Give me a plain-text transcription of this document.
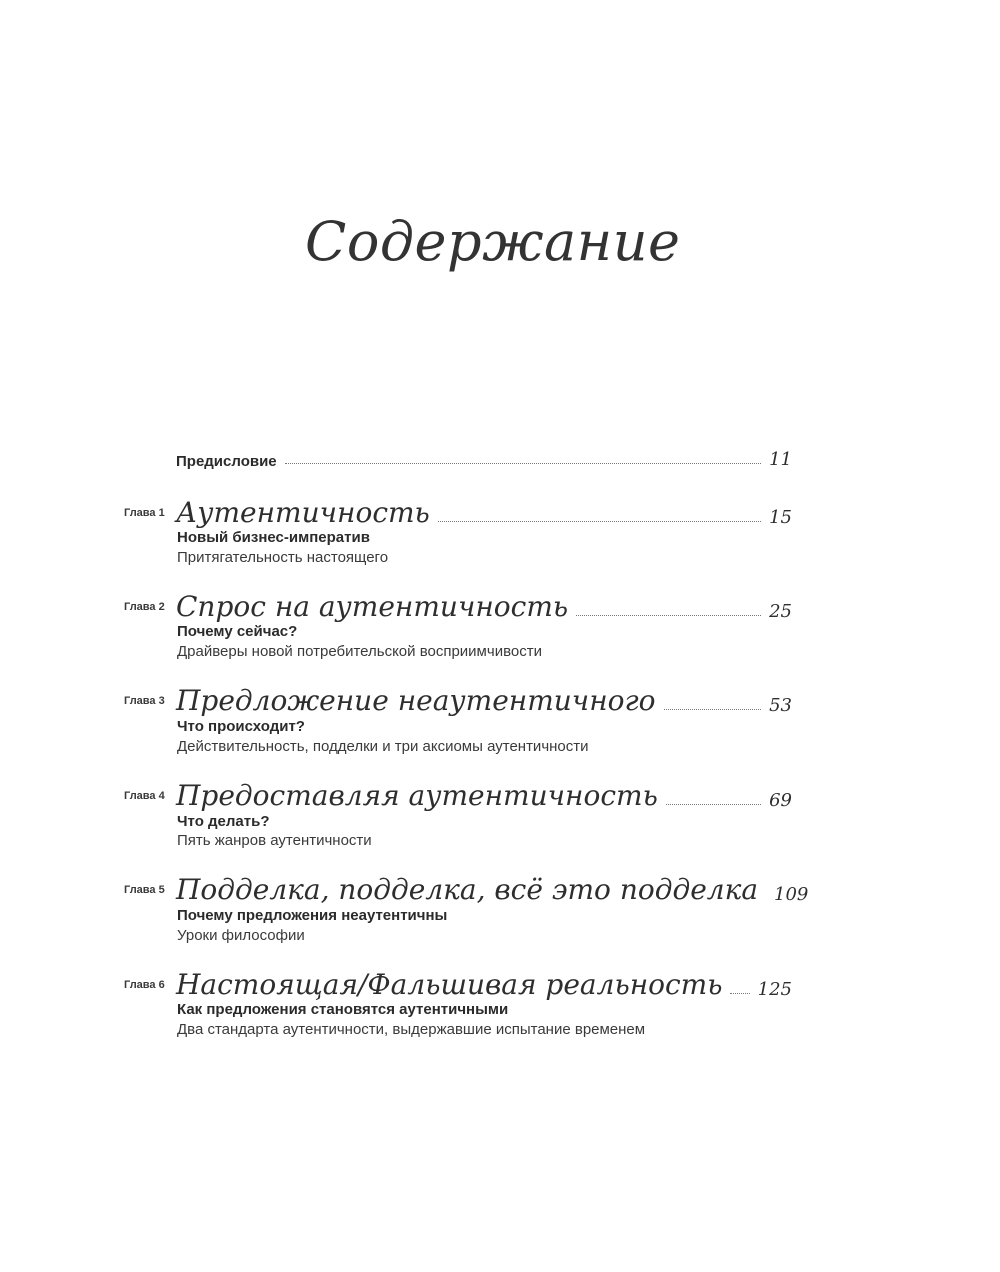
Содержание
Предисловие	11
Глава 1 Аутентичность	15
Новый бизнес-императив
Притягательность настоящего
Глава 2 Спрос на аутентичность	25
Почему сейчас?
Драйверы новой потребительской восприимчивости
Глава 3 Предложение неаутентичного	53
Что происходит?
Действительность, подделки и три аксиомы аутентичности
Глава 4 Предоставляя аутентичность	69
Что делать?
Пять жанров аутентичности
Глава 5 Подделка, подделка, всё это подделка 109
Почему предложения неаутентичны
Уроки философии
Глава 6 Настоящая/Фальшивая реальность 125
Как предложения становятся аутентичными
Два стандарта аутентичности, выдержавшие испытание временем
